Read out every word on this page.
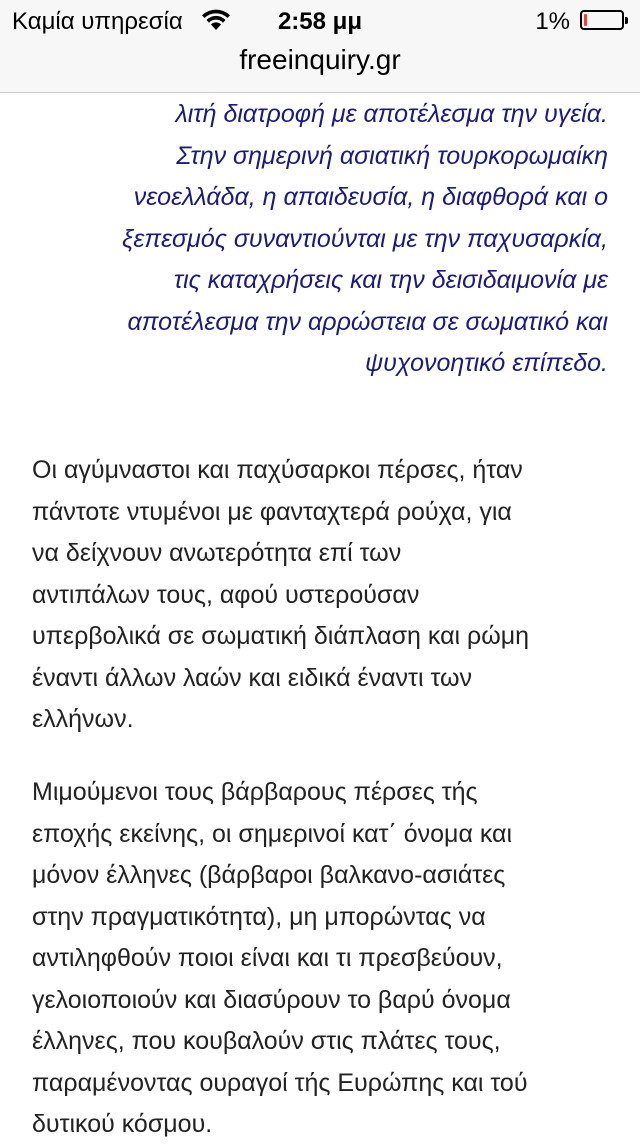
Καμία υπηρεσία	2:58 μμ	1%
freeinquiry.gr
λιτή διατροφή με αποτέλεσμα την υγεία.
Στην σημερινή ασιατική τουρκορωμαίκη
νεοελλάδα, η απαιδευσία, η διαφθορά και ο
ξεπεσμός συναντιούνται με την παχυσαρκία,
τις καταχρήσεις και την δεισιδαιμονία με
αποτέλεσμα την αρρώστεια σε σωματικό και
ψυχονοητικό επίπεδο.
Οι αγύμναστοι και παχύσαρκοι πέρσες, ήταν
πάντοτε ντυμένοι με φανταχτερά ρούχα, για
να δείχνουν ανωτερότητα επί των
αντιπάλων τους, αφού υστερούσαν
υπερβολικά σε σωματική διάπλαση και ρώμη
έναντι άλλων λαών και ειδικά έναντι των
ελλήνων.
Μιμούμενοι τους βάρβαρους πέρσες τής
εποχής εκείνης, οι σημερινοί κατ΄ όνομα και
μόνον έλληνες (βάρβαροι βαλκανο-ασιάτες
στην πραγματικότητα), μη μπορώντας να
αντιληφθούν ποιοι είναι και τι πρεσβεύουν,
γελοιοποιούν και διασύρουν το βαρύ όνομα
έλληνες, που κουβαλούν στις πλάτες τους,
παραμένοντας ουραγοί τής Ευρώπης και τού
δυτικού κόσμου.
